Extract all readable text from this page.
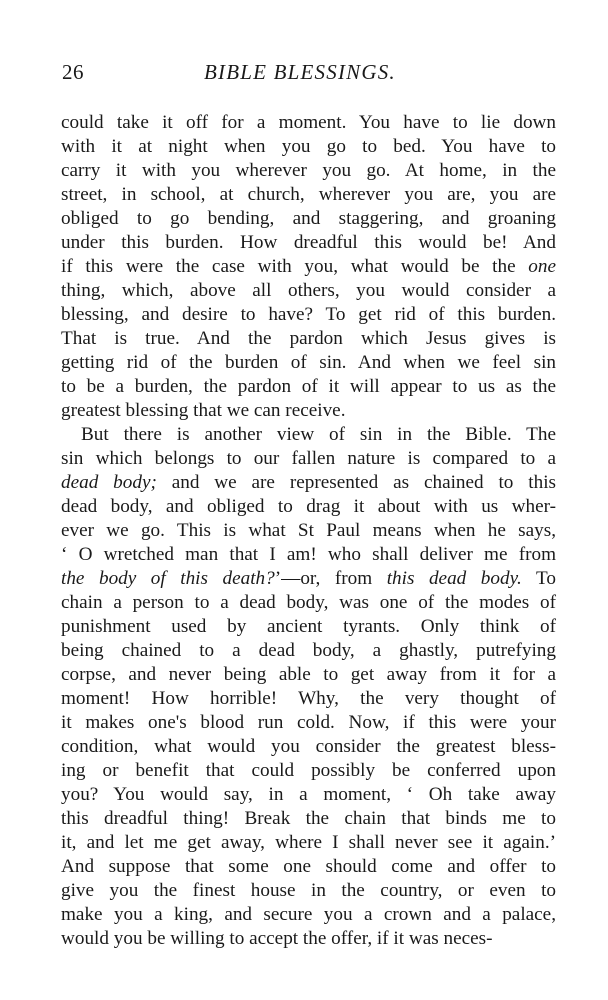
26	BIBLE BLESSINGS.
could take it off for a moment. You have to lie down
with it at night when you go to bed. You have to
carry it with you wherever you go. At home, in the
street, in school, at church, wherever you are, you are
obliged to go bending, and staggering, and groaning
under this burden. How dreadful this would be! And
if this were the case with you, what would be the one
thing, which, above all others, you would consider a
blessing, and desire to have? To get rid of this burden.
That is true. And the pardon which Jesus gives is
getting rid of the burden of sin. And when we feel sin
to be a burden, the pardon of it will appear to us as the
greatest blessing that we can receive.
But there is another view of sin in the Bible. The
sin which belongs to our fallen nature is compared to a
dead body; and we are represented as chained to this
dead body, and obliged to drag it about with us wher-
ever we go. This is what St Paul means when he says,
‘ O wretched man that I am! who shall deliver me from
the body of this death?’—or, from this dead body. To
chain a person to a dead body, was one of the modes of
punishment used by ancient tyrants. Only think of
being chained to a dead body, a ghastly, putrefying
corpse, and never being able to get away from it for a
moment! How horrible! Why, the very thought of
it makes one's blood run cold. Now, if this were your
condition, what would you consider the greatest bless-
ing or benefit that could possibly be conferred upon
you? You would say, in a moment, ‘ Oh take away
this dreadful thing! Break the chain that binds me to
it, and let me get away, where I shall never see it again.’
And suppose that some one should come and offer to
give you the finest house in the country, or even to
make you a king, and secure you a crown and a palace,
would you be willing to accept the offer, if it was neces-
